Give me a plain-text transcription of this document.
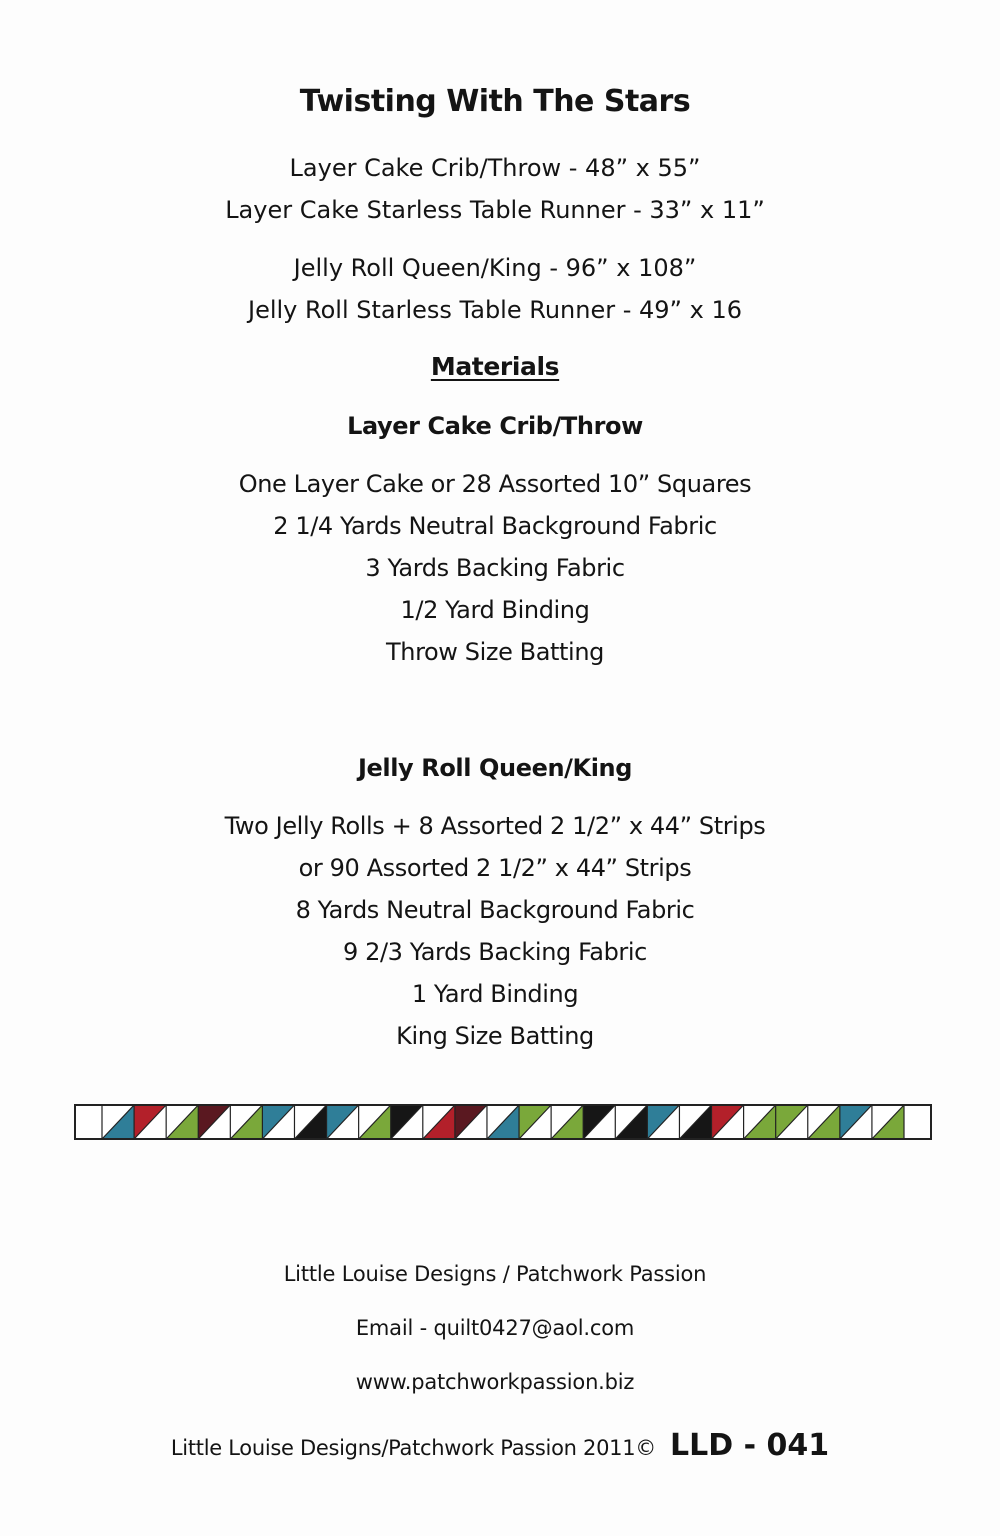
Twisting With The Stars
Layer Cake Crib/Throw - 48” x 55”
Layer Cake Starless Table Runner - 33” x 11”
Jelly Roll Queen/King - 96” x 108”
Jelly Roll Starless Table Runner - 49” x 16
Materials
Layer Cake Crib/Throw
One Layer Cake or 28 Assorted 10” Squares
2 1/4 Yards Neutral Background Fabric
3 Yards Backing Fabric
1/2 Yard Binding
Throw Size Batting
Jelly Roll Queen/King
Two Jelly Rolls + 8 Assorted 2 1/2” x 44” Strips
or 90 Assorted 2 1/2” x 44” Strips
8 Yards Neutral Background Fabric
9 2/3 Yards Backing Fabric
1 Yard Binding
King Size Batting
Little Louise Designs / Patchwork Passion
Email - quilt0427@aol.com
www.patchworkpassion.biz
Little Louise Designs/Patchwork Passion 2011© LLD - 041
